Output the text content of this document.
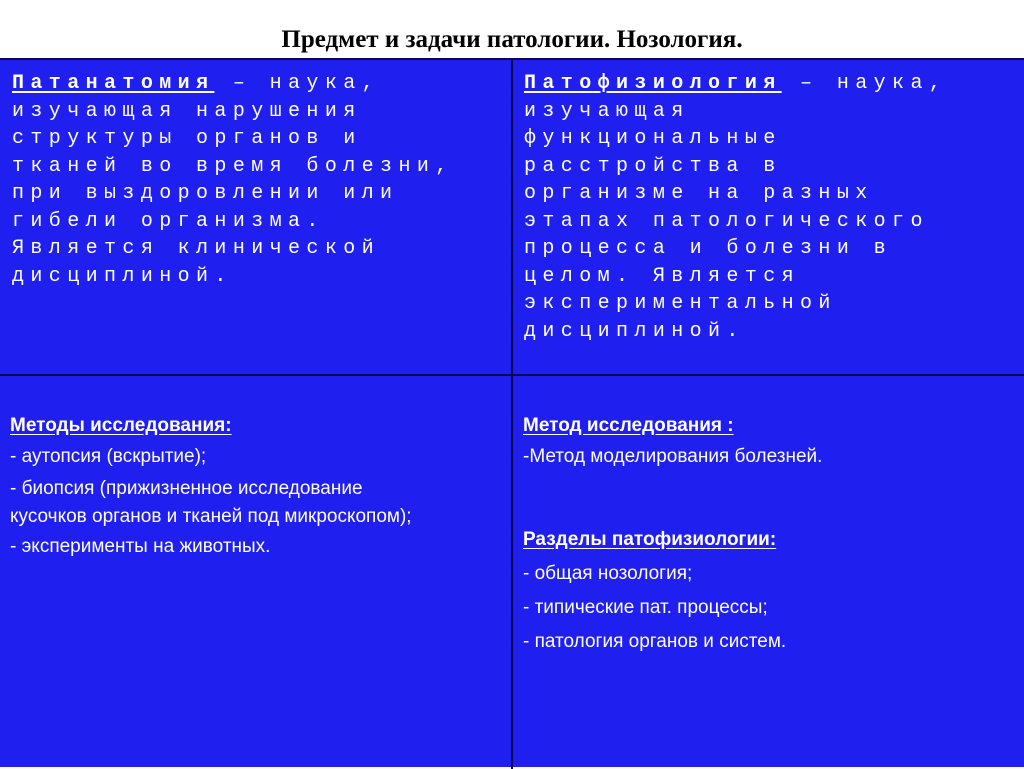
Предмет и задачи патологии. Нозология.

Патанатомия – наука,

изучающая нарушения

структуры органов и

тканей во время болезни,

при выздоровлении или

гибели организма.

Является клинической

дисциплиной.

Патофизиология – наука,

изучающая

функциональные

расстройства в

организме на разных

этапах патологического

процесса и болезни в

целом. Является

экспериментальной

дисциплиной.

Методы исследования:

- аутопсия (вскрытие);

- биопсия (прижизненное исследование

кусочков органов и тканей под микроскопом);

- эксперименты на животных.

Метод исследования :

-Метод моделирования болезней.

Разделы патофизиологии:

- общая нозология;

- типические пат. процессы;

- патология органов и систем.
